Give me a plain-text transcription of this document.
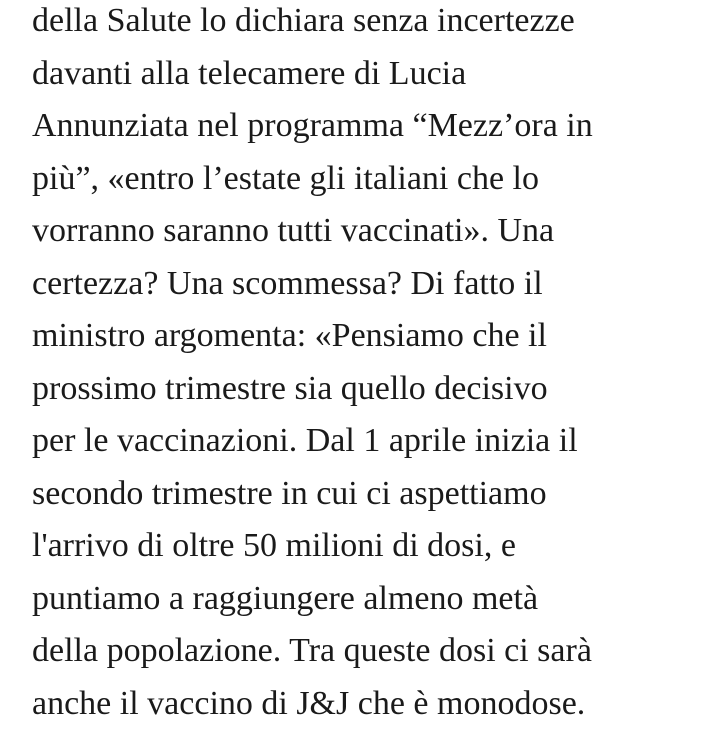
della Salute lo dichiara senza incertezze
davanti alla telecamere di Lucia
Annunziata nel programma “Mezz’ora in
più”, «entro l’estate gli italiani che lo
vorranno saranno tutti vaccinati». Una
certezza? Una scommessa? Di fatto il
ministro argomenta: «Pensiamo che il
prossimo trimestre sia quello decisivo
per le vaccinazioni. Dal 1 aprile inizia il
secondo trimestre in cui ci aspettiamo
l'arrivo di oltre 50 milioni di dosi, e
puntiamo a raggiungere almeno metà
della popolazione. Tra queste dosi ci sarà
anche il vaccino di J&J che è monodose.
